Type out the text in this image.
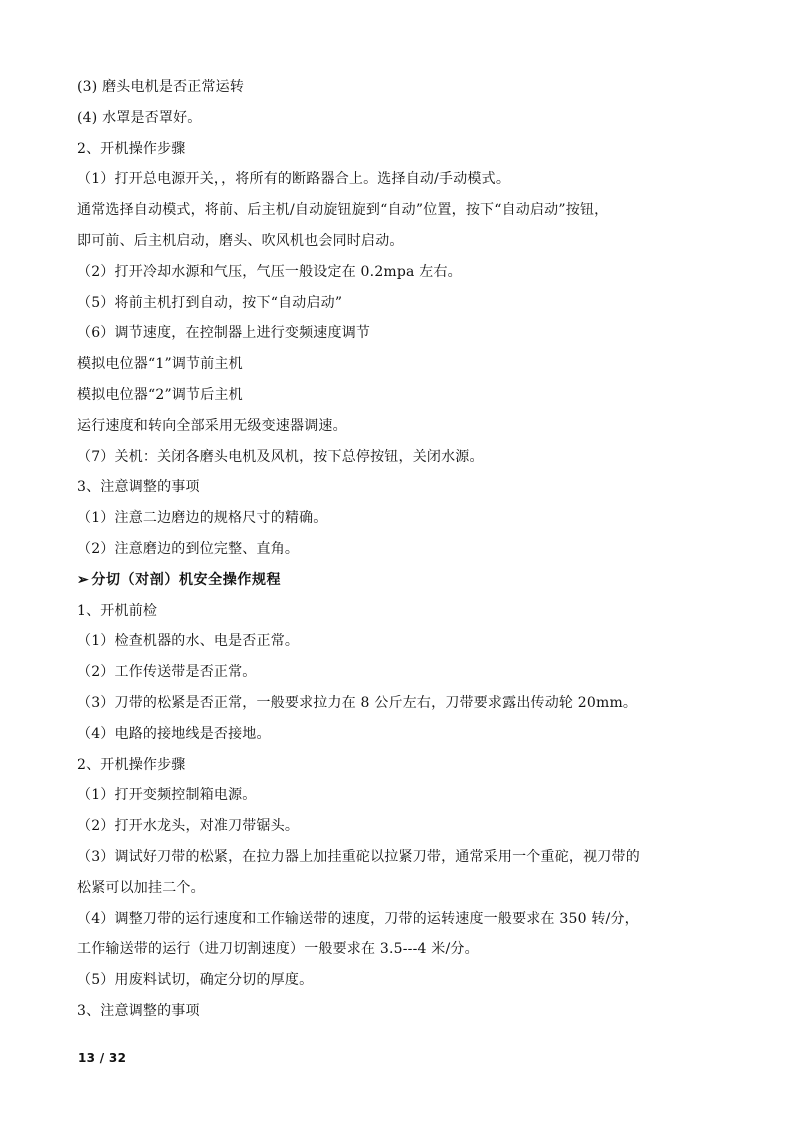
(3) 磨头电机是否正常运转
(4) 水罩是否罩好。
2、开机操作步骤
（1）打开总电源开关，，将所有的断路器合上。选择自动/手动模式。
通常选择自动模式，将前、后主机/自动旋钮旋到“自动”位置，按下“自动启动”按钮，
即可前、后主机启动，磨头、吹风机也会同时启动。
（2）打开冷却水源和气压，气压一般设定在 0.2mpa 左右。
（5）将前主机打到自动，按下“自动启动”
（6）调节速度，在控制器上进行变频速度调节
模拟电位器“1”调节前主机
模拟电位器“2”调节后主机
运行速度和转向全部采用无级变速器调速。
（7）关机：关闭各磨头电机及风机，按下总停按钮，关闭水源。
3、注意调整的事项
（1）注意二边磨边的规格尺寸的精确。
（2）注意磨边的到位完整、直角。
➢ 分切（对剖）机安全操作规程
1、开机前检
（1）检查机器的水、电是否正常。
（2）工作传送带是否正常。
（3）刀带的松紧是否正常，一般要求拉力在 8 公斤左右，刀带要求露出传动轮 20mm。
（4）电路的接地线是否接地。
2、开机操作步骤
（1）打开变频控制箱电源。
（2）打开水龙头，对准刀带锯头。
（3）调试好刀带的松紧，在拉力器上加挂重砣以拉紧刀带，通常采用一个重砣，视刀带的
松紧可以加挂二个。
（4）调整刀带的运行速度和工作输送带的速度，刀带的运转速度一般要求在 350 转/分，
工作输送带的运行（进刀切割速度）一般要求在 3.5---4 米/分。
（5）用废料试切，确定分切的厚度。
3、注意调整的事项
13 / 32
